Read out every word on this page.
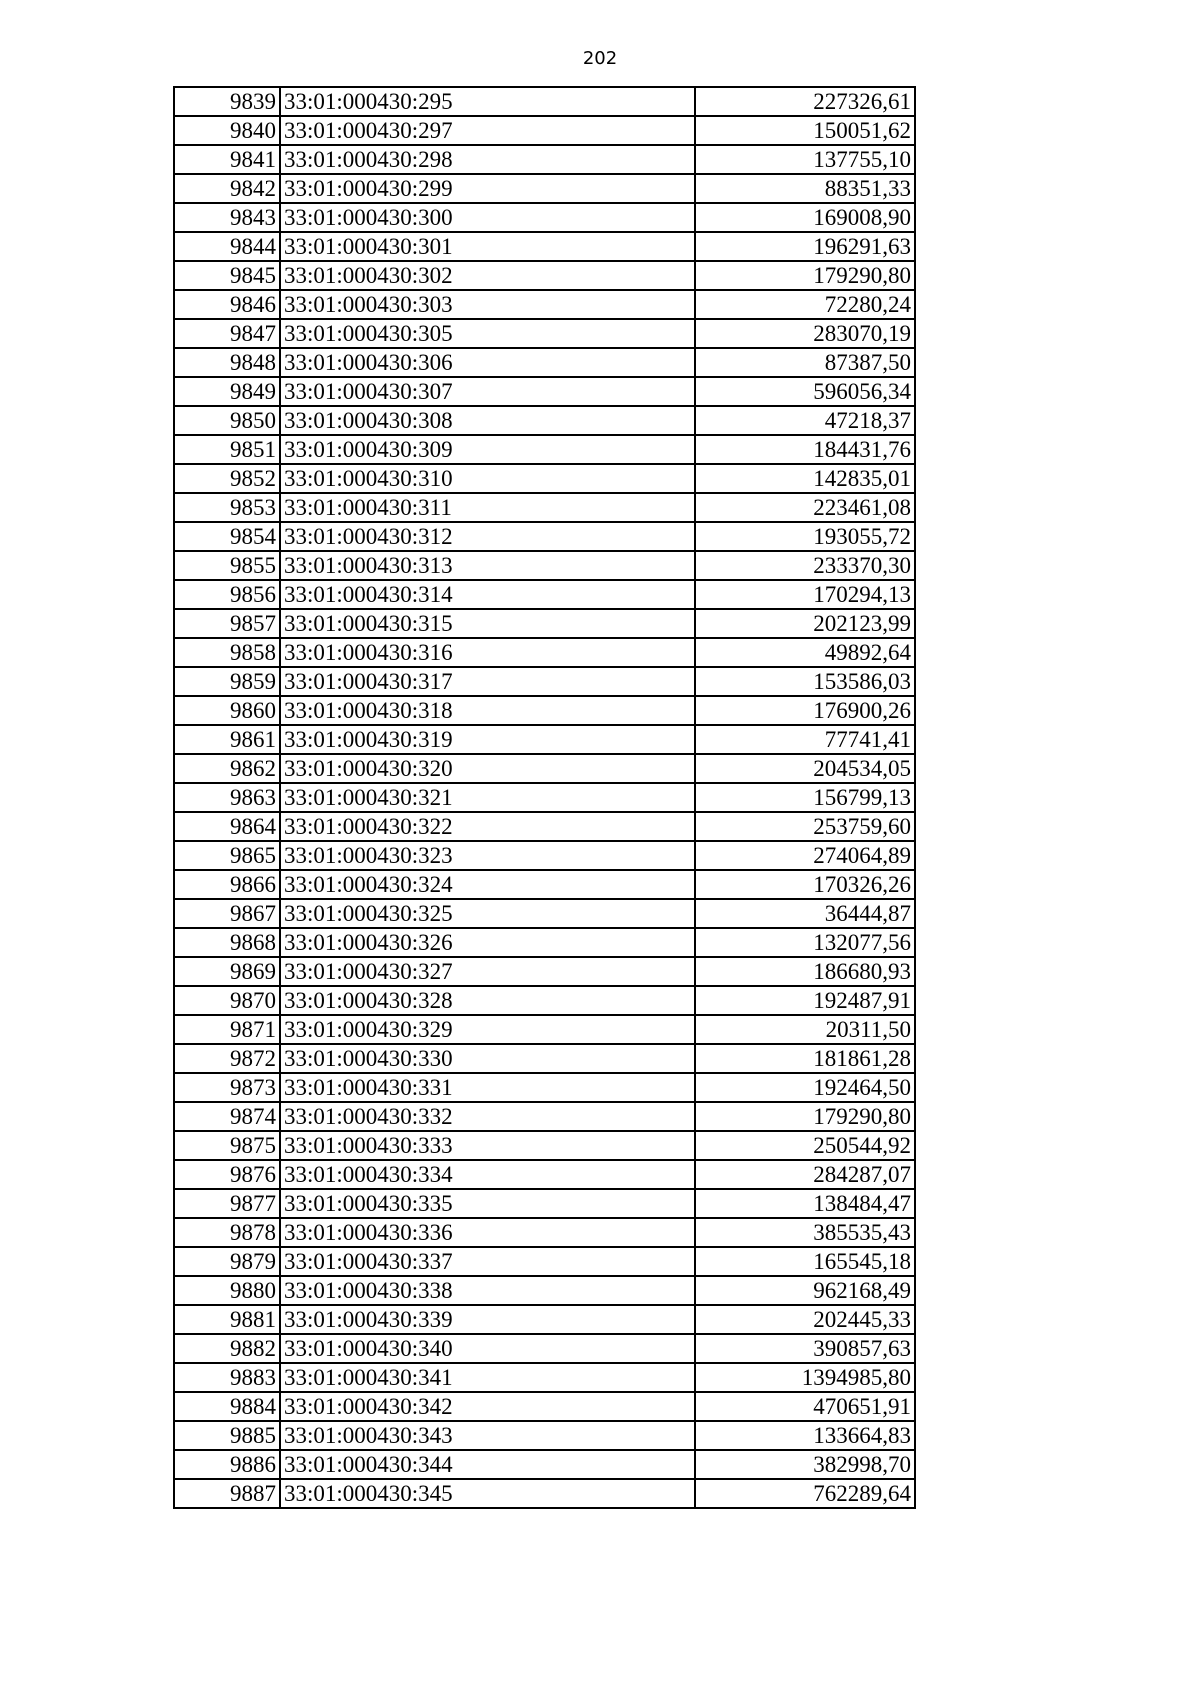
202
9839	33:01:000430:295	227326,61
9840	33:01:000430:297	150051,62
9841	33:01:000430:298	137755,10
9842	33:01:000430:299	88351,33
9843	33:01:000430:300	169008,90
9844	33:01:000430:301	196291,63
9845	33:01:000430:302	179290,80
9846	33:01:000430:303	72280,24
9847	33:01:000430:305	283070,19
9848	33:01:000430:306	87387,50
9849	33:01:000430:307	596056,34
9850	33:01:000430:308	47218,37
9851	33:01:000430:309	184431,76
9852	33:01:000430:310	142835,01
9853	33:01:000430:311	223461,08
9854	33:01:000430:312	193055,72
9855	33:01:000430:313	233370,30
9856	33:01:000430:314	170294,13
9857	33:01:000430:315	202123,99
9858	33:01:000430:316	49892,64
9859	33:01:000430:317	153586,03
9860	33:01:000430:318	176900,26
9861	33:01:000430:319	77741,41
9862	33:01:000430:320	204534,05
9863	33:01:000430:321	156799,13
9864	33:01:000430:322	253759,60
9865	33:01:000430:323	274064,89
9866	33:01:000430:324	170326,26
9867	33:01:000430:325	36444,87
9868	33:01:000430:326	132077,56
9869	33:01:000430:327	186680,93
9870	33:01:000430:328	192487,91
9871	33:01:000430:329	20311,50
9872	33:01:000430:330	181861,28
9873	33:01:000430:331	192464,50
9874	33:01:000430:332	179290,80
9875	33:01:000430:333	250544,92
9876	33:01:000430:334	284287,07
9877	33:01:000430:335	138484,47
9878	33:01:000430:336	385535,43
9879	33:01:000430:337	165545,18
9880	33:01:000430:338	962168,49
9881	33:01:000430:339	202445,33
9882	33:01:000430:340	390857,63
9883	33:01:000430:341	1394985,80
9884	33:01:000430:342	470651,91
9885	33:01:000430:343	133664,83
9886	33:01:000430:344	382998,70
9887	33:01:000430:345	762289,64
